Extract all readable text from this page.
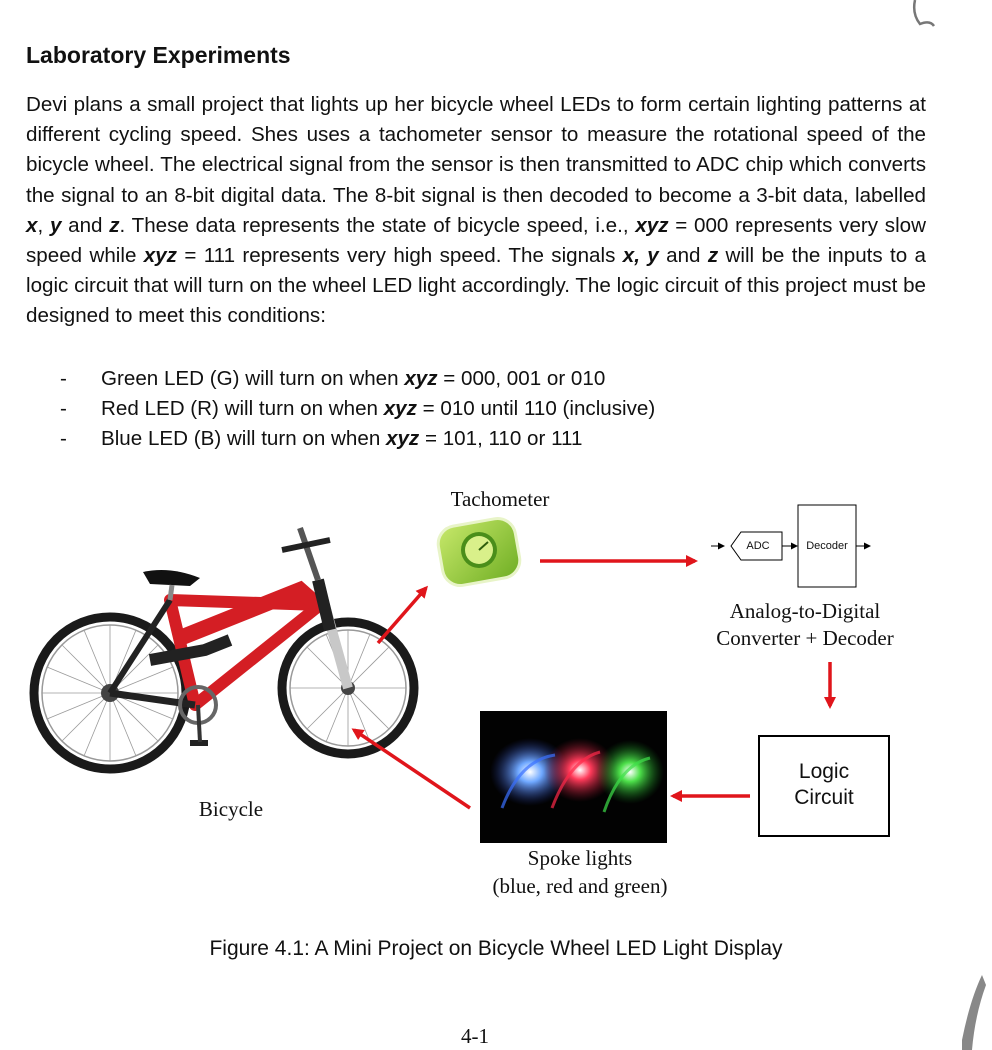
Laboratory Experiments

Devi plans a small project that lights up her bicycle wheel LEDs to form certain lighting patterns at different cycling speed. Shes uses a tachometer sensor to measure the rotational speed of the bicycle wheel. The electrical signal from the sensor is then transmitted to ADC chip which converts the signal to an 8-bit digital data. The 8-bit signal is then decoded to become a 3-bit data, labelled x, y and z. These data represents the state of bicycle speed, i.e., xyz = 000 represents very slow speed while xyz = 111 represents very high speed. The signals x, y and z will be the inputs to a logic circuit that will turn on the wheel LED light accordingly. The logic circuit of this project must be designed to meet this conditions:

- Green LED (G) will turn on when xyz = 000, 001 or 010
- Red LED (R) will turn on when xyz = 010 until 110 (inclusive)
- Blue LED (B) will turn on when xyz = 101, 110 or 111
Tachometer
ADC	Decoder
Analog-to-Digital
Converter + Decoder
Logic
Circuit
Bicycle
Spoke lights
(blue, red and green)
Figure 4.1: A Mini Project on Bicycle Wheel LED Light Display
4-1
